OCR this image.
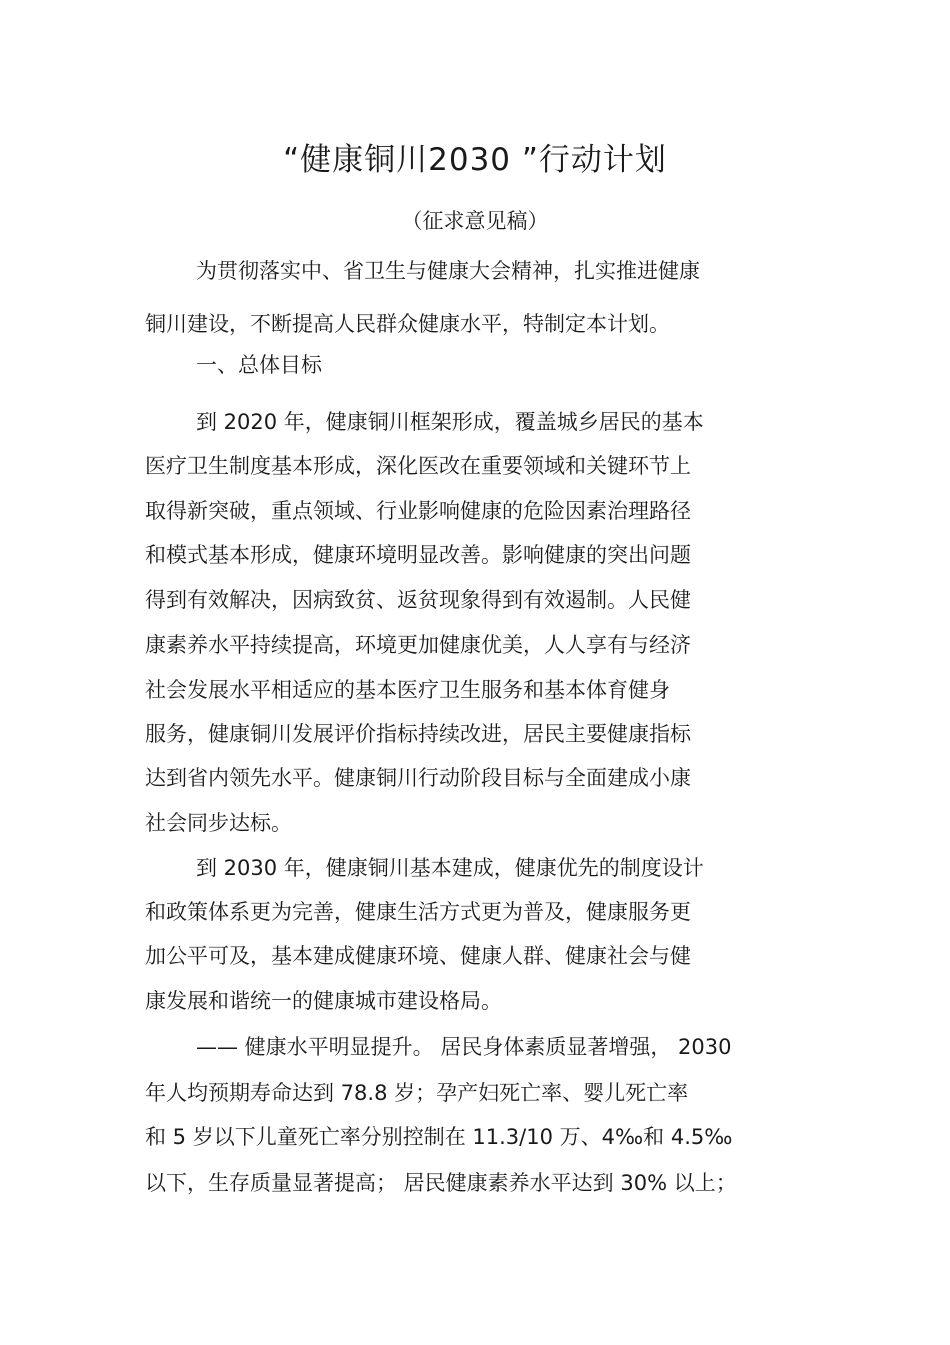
“健康铜川2030 ”行动计划

（征求意见稿）

为贯彻落实中、省卫生与健康大会精神，扎实推进健康

铜川建设，不断提高人民群众健康水平，特制定本计划。

一、总体目标

到 2020 年，健康铜川框架形成，覆盖城乡居民的基本

医疗卫生制度基本形成，深化医改在重要领域和关键环节上

取得新突破，重点领域、行业影响健康的危险因素治理路径

和模式基本形成，健康环境明显改善。影响健康的突出问题

得到有效解决，因病致贫、返贫现象得到有效遏制。人民健

康素养水平持续提高，环境更加健康优美，人人享有与经济

社会发展水平相适应的基本医疗卫生服务和基本体育健身

服务，健康铜川发展评价指标持续改进，居民主要健康指标

达到省内领先水平。健康铜川行动阶段目标与全面建成小康

社会同步达标。

到 2030 年，健康铜川基本建成，健康优先的制度设计

和政策体系更为完善，健康生活方式更为普及，健康服务更

加公平可及，基本建成健康环境、健康人群、健康社会与健

康发展和谐统一的健康城市建设格局。

—— 健康水平明显提升。 居民身体素质显著增强， 2030

年人均预期寿命达到 78.8 岁；孕产妇死亡率、婴儿死亡率

和 5 岁以下儿童死亡率分别控制在 11.3/10 万、4‰和 4.5‰

以下，生存质量显著提高； 居民健康素养水平达到 30% 以上；
